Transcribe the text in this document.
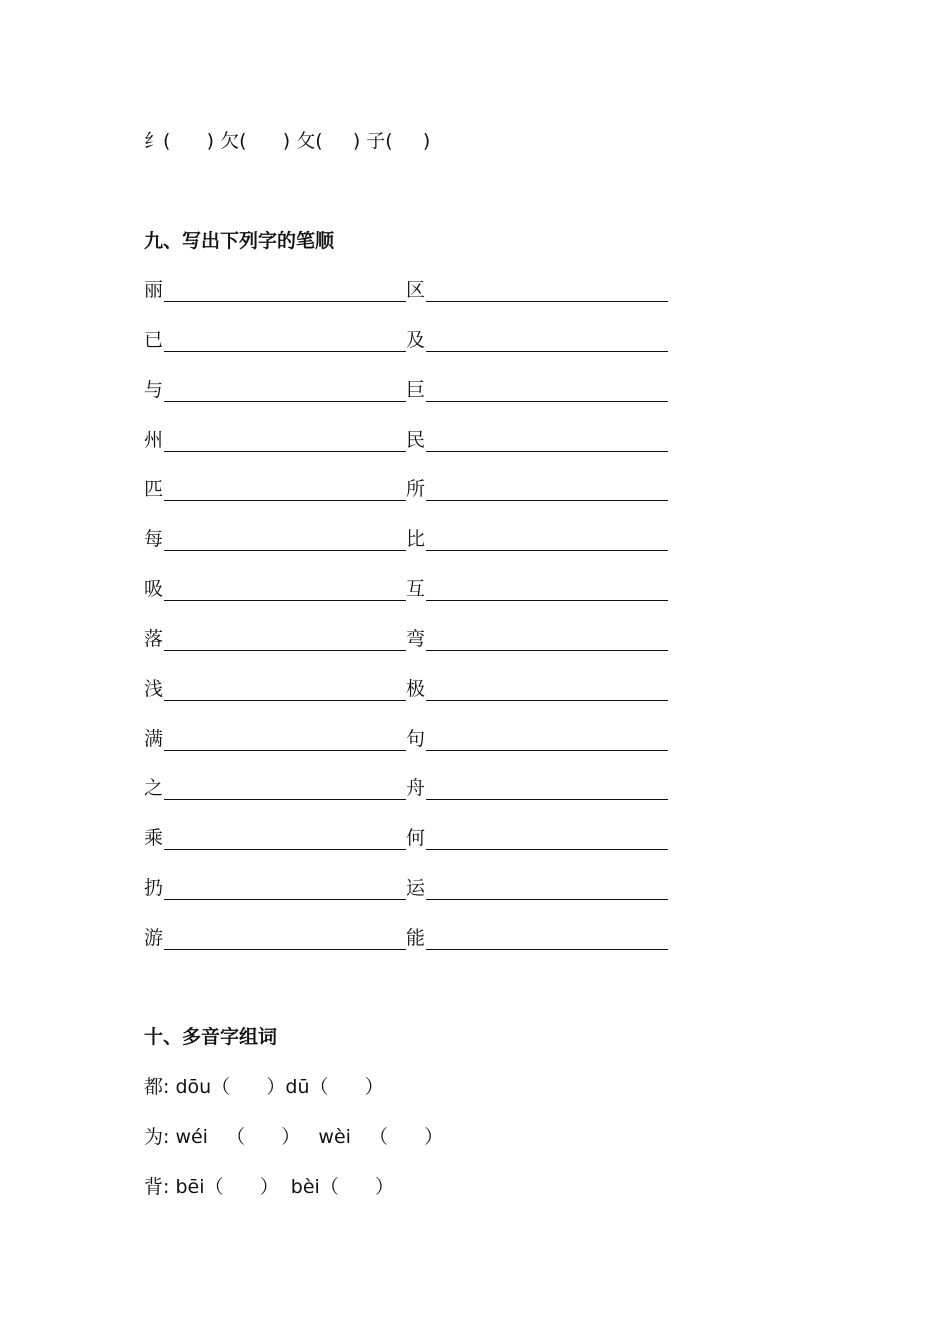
纟(      ) 欠(      ) 攵(     ) 子(     )
九、写出下列字的笔顺
丽	区
已	及
与	巨
州	民
匹	所
每	比
吸	互
落	弯
浅	极
满	句
之	舟
乘	何
扔	运
游	能
十、多音字组词
都: dōu（      ）dū（      ）
为: wéi   （      ）   wèi   （      ）
背: bēi（      ）  bèi（      ）
